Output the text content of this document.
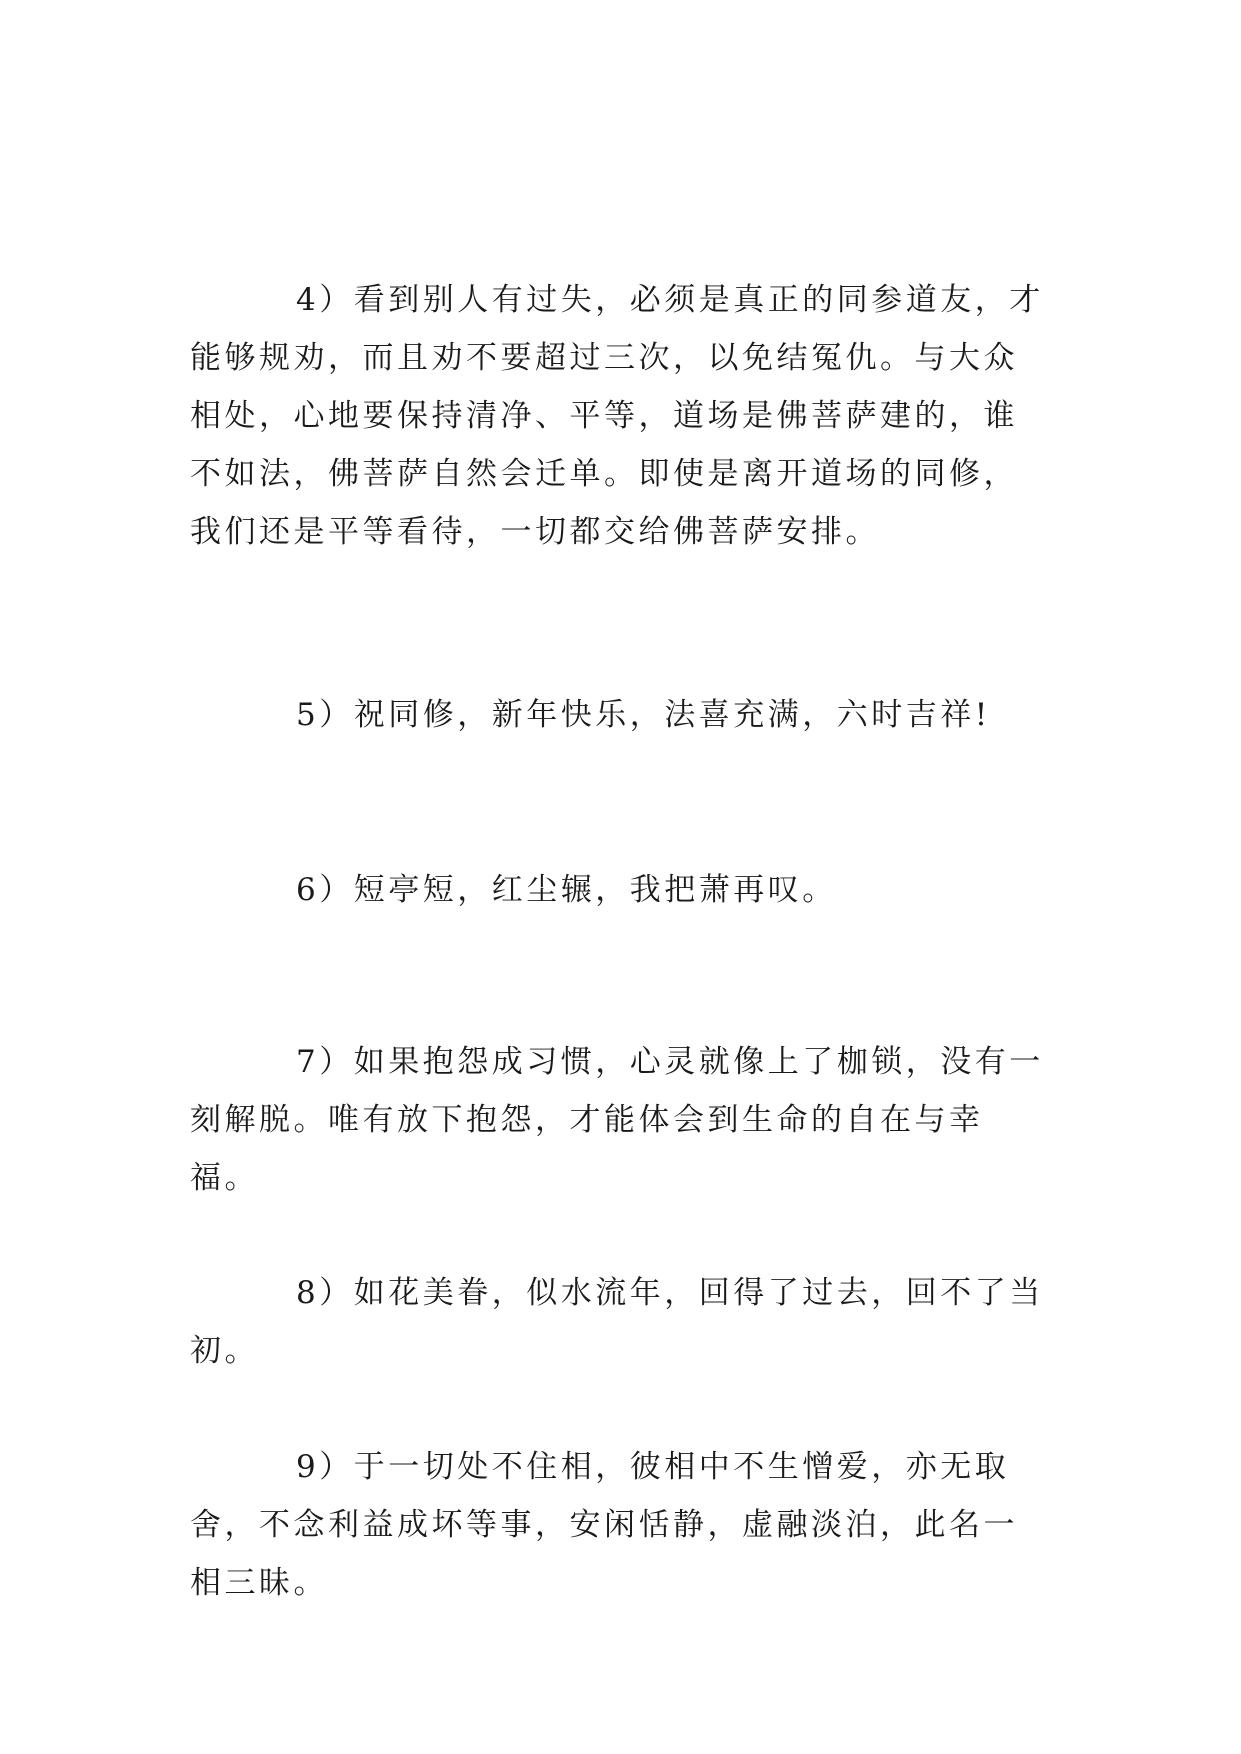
4）看到别人有过失，必须是真正的同参道友，才能够规劝，而且劝不要超过三次，以免结冤仇。与大众相处，心地要保持清净、平等，道场是佛菩萨建的，谁不如法，佛菩萨自然会迁单。即使是离开道场的同修，我们还是平等看待，一切都交给佛菩萨安排。

5）祝同修，新年快乐，法喜充满，六时吉祥!

6）短亭短，红尘辗，我把萧再叹。

7）如果抱怨成习惯，心灵就像上了枷锁，没有一刻解脱。唯有放下抱怨，才能体会到生命的自在与幸福。

8）如花美眷，似水流年，回得了过去，回不了当初。

9）于一切处不住相，彼相中不生憎爱，亦无取舍，不念利益成坏等事，安闲恬静，虚融淡泊，此名一相三昧。
